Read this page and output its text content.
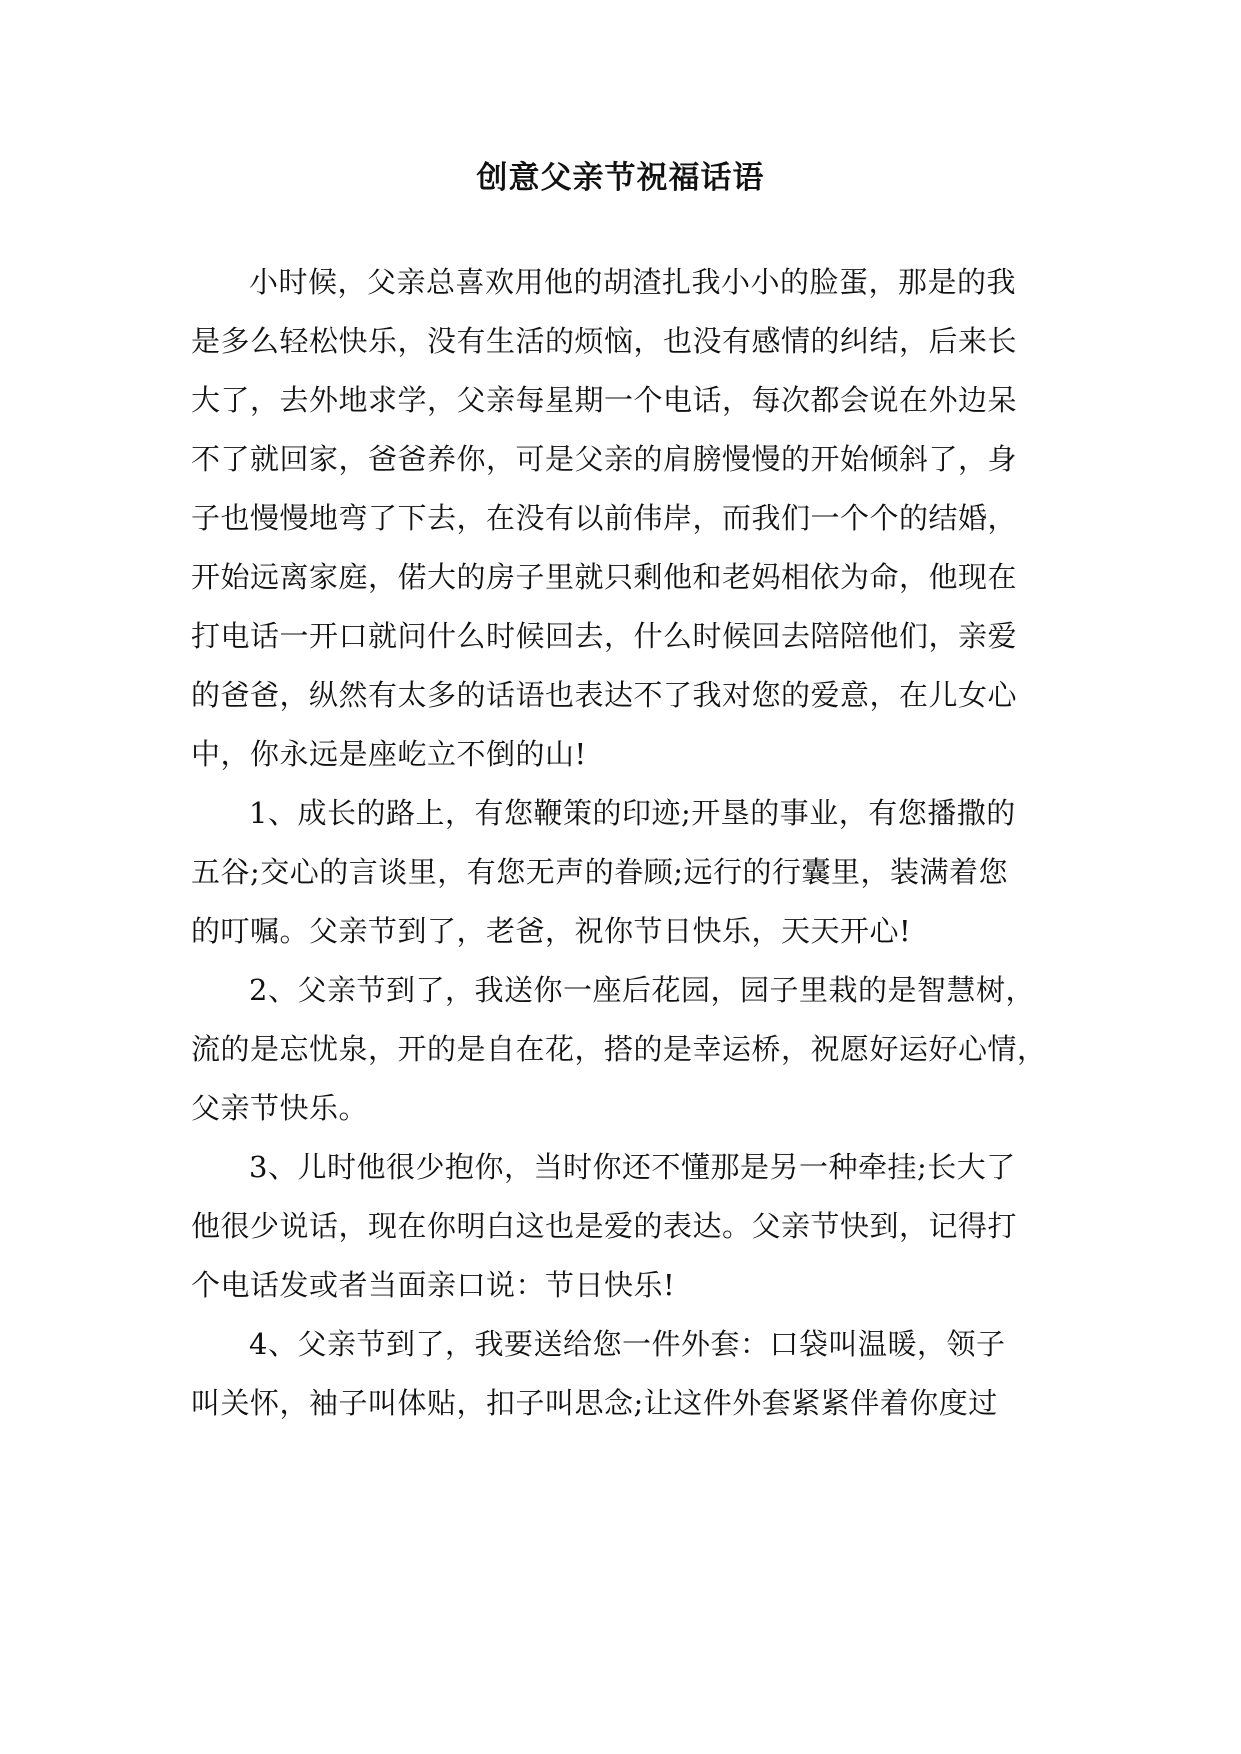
创意父亲节祝福话语
小时候，父亲总喜欢用他的胡渣扎我小小的脸蛋，那是的我
是多么轻松快乐，没有生活的烦恼，也没有感情的纠结，后来长
大了，去外地求学，父亲每星期一个电话，每次都会说在外边呆
不了就回家，爸爸养你，可是父亲的肩膀慢慢的开始倾斜了，身
子也慢慢地弯了下去，在没有以前伟岸，而我们一个个的结婚，
开始远离家庭，偌大的房子里就只剩他和老妈相依为命，他现在
打电话一开口就问什么时候回去，什么时候回去陪陪他们，亲爱
的爸爸，纵然有太多的话语也表达不了我对您的爱意，在儿女心
中，你永远是座屹立不倒的山!
1、成长的路上，有您鞭策的印迹;开垦的事业，有您播撒的
五谷;交心的言谈里，有您无声的眷顾;远行的行囊里，装满着您
的叮嘱。父亲节到了，老爸，祝你节日快乐，天天开心!
2、父亲节到了，我送你一座后花园，园子里栽的是智慧树，
流的是忘忧泉，开的是自在花，搭的是幸运桥，祝愿好运好心情，
父亲节快乐。
3、儿时他很少抱你，当时你还不懂那是另一种牵挂;长大了
他很少说话，现在你明白这也是爱的表达。父亲节快到，记得打
个电话发或者当面亲口说：节日快乐!
4、父亲节到了，我要送给您一件外套：口袋叫温暖，领子
叫关怀，袖子叫体贴，扣子叫思念;让这件外套紧紧伴着你度过
